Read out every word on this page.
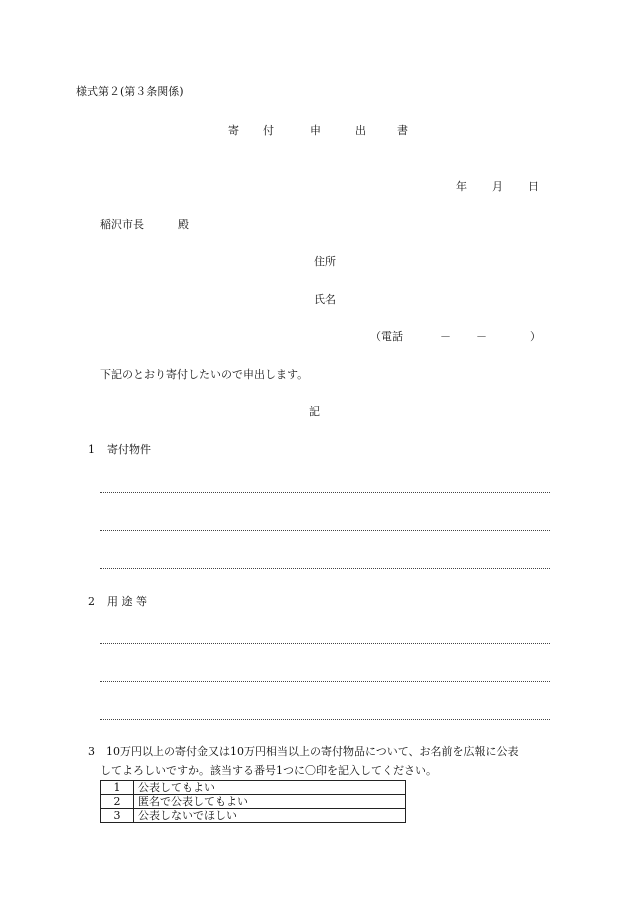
様式第２(第３条関係)
寄 付	申	出	書
年 月 日
稲沢市長	殿
住所
氏名
（電話	－ －	）
下記のとおり寄付したいので申出します。
記
1 寄付物件
2 用 途 等
3 10万円以上の寄付金又は10万円相当以上の寄付物品について、お名前を広報に公表
してよろしいですか。該当する番号1つに〇印を記入してください。
1	公表してもよい
2	匿名で公表してもよい
3	公表しないでほしい
